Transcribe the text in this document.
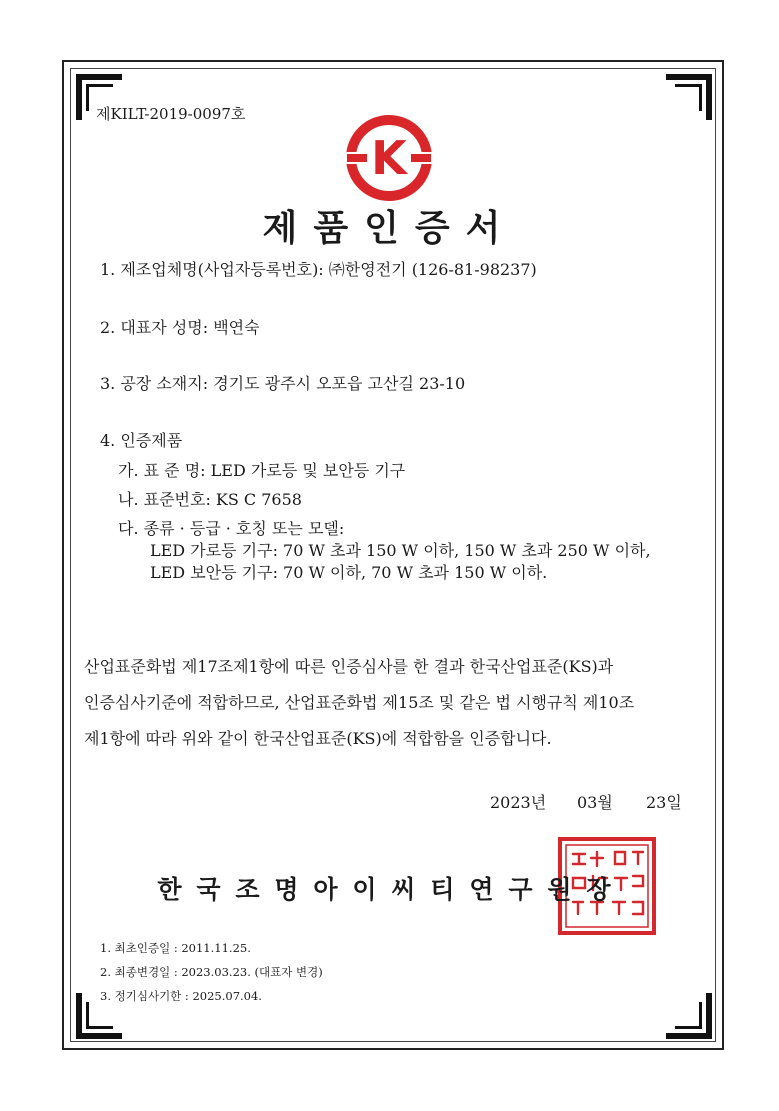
제KILT-2019-0097호
K
제품인증서
1. 제조업체명(사업자등록번호): ㈜한영전기 (126-81-98237)
2. 대표자 성명: 백연숙
3. 공장 소재지: 경기도 광주시 오포읍 고산길 23-10
4. 인증제품
가. 표 준 명: LED 가로등 및 보안등 기구
나. 표준번호: KS C 7658
다. 종류 · 등급 · 호칭 또는 모델:
LED 가로등 기구: 70 W 초과 150 W 이하, 150 W 초과 250 W 이하,
LED 보안등 기구: 70 W 이하, 70 W 초과 150 W 이하.
산업표준화법 제17조제1항에 따른 인증심사를 한 결과 한국산업표준(KS)과
인증심사기준에 적합하므로, 산업표준화법 제15조 및 같은 법 시행규칙 제10조
제1항에 따라 위와 같이 한국산업표준(KS)에 적합함을 인증합니다.
2023년 03월 23일
한 국 조 명 아 이 씨 티 연 구 원 장
1. 최초인증일 : 2011.11.25.
2. 최종변경일 : 2023.03.23. (대표자 변경)
3. 정기심사기한 : 2025.07.04.
